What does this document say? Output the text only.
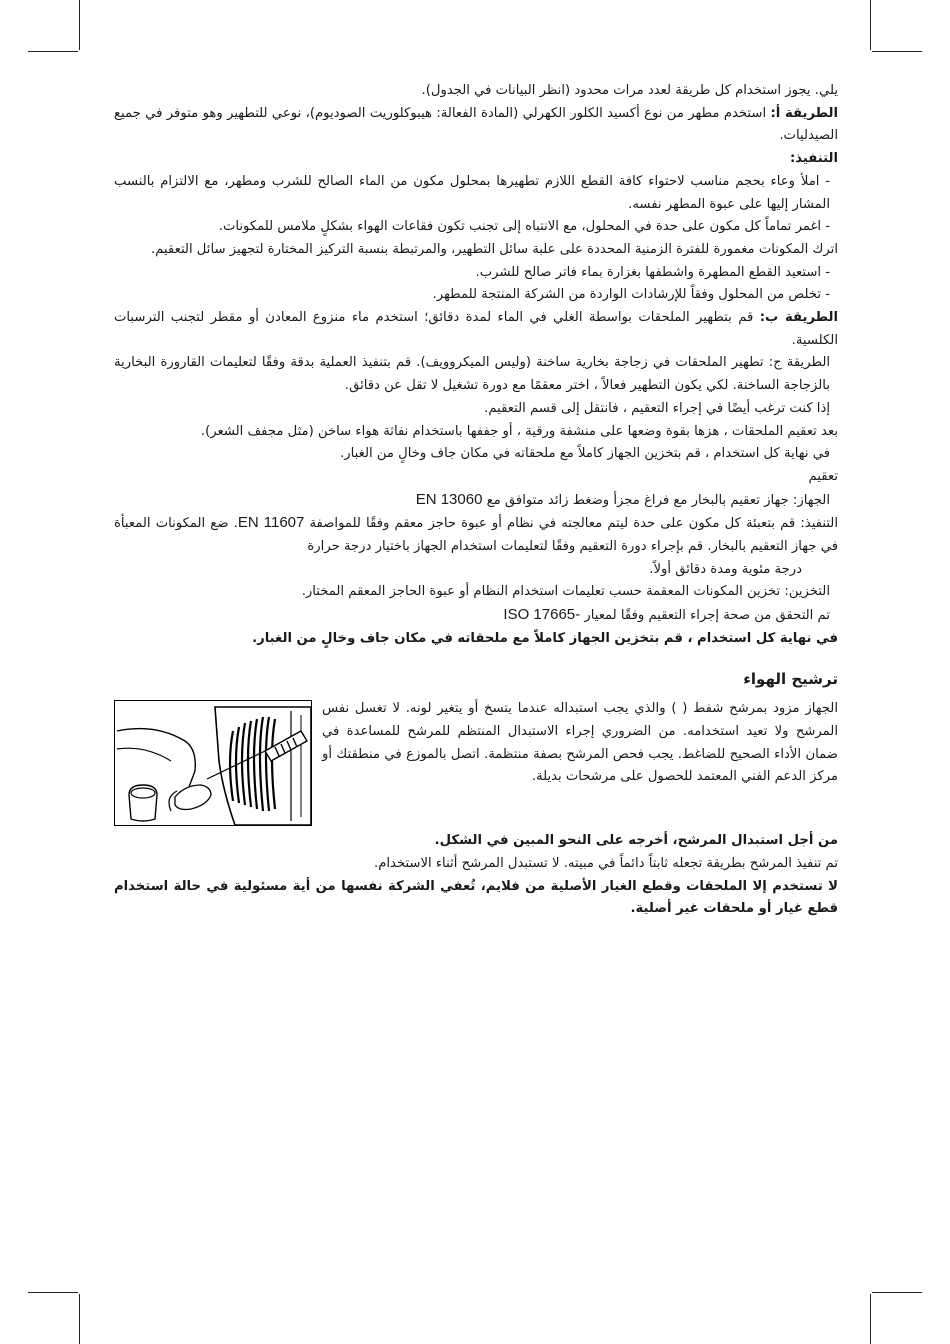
يلي. يجوز استخدام كل طريقة لعدد مرات محدود (انظر البيانات في الجدول).

الطريقة أ: استخدم مطهر من نوع أكسيد الكلور الكهرلي (المادة الفعالة: هيبوكلوريت الصوديوم)، نوعي للتطهير وهو متوفر في جميع الصيدليات.

التنفيذ:

- املأ وعاء بحجم مناسب لاحتواء كافة القطع اللازم تطهيرها بمحلول مكون من الماء الصالح للشرب ومطهر، مع الالتزام بالنسب المشار إليها على عبوة المطهر نفسه.

- اغمر تماماً كل مكون على حدة في المحلول، مع الانتباه إلى تجنب تكون فقاعات الهواء بشكلٍ ملامس للمكونات.

اترك المكونات مغمورة للفترة الزمنية المحددة على علبة سائل التطهير، والمرتبطة بنسبة التركيز المختارة لتجهيز سائل التعقيم.

- استعيد القطع المطهرة واشطفها بغزارة بماء فاتر صالح للشرب.

- تخلص من المحلول وفقاً للإرشادات الواردة من الشركة المنتجة للمطهر.

الطريقة ب: قم بتطهير الملحقات بواسطة الغلي في الماء لمدة دقائق؛ استخدم ماء منزوع المعادن أو مقطر لتجنب الترسبات الكلسية.

الطريقة ج: تطهير الملحقات في زجاجة بخارية ساخنة (وليس الميكروويف). قم بتنفيذ العملية بدقة وفقًا لتعليمات القارورة البخارية بالزجاجة الساخنة. لكي يكون التطهير فعالاً ، اختر معقمًا مع دورة تشغيل لا تقل عن دقائق.

إذا كنت ترغب أيضًا في إجراء التعقيم ، فانتقل إلى قسم التعقيم.

بعد تعقيم الملحقات ، هزها بقوة وضعها على منشفة ورقية ، أو جففها باستخدام نفاثة هواء ساخن (مثل مجفف الشعر).

في نهاية كل استخدام ، قم بتخزين الجهاز كاملاً مع ملحقاته في مكان جاف وخالٍ من الغبار.

تعقيم

الجهاز: جهاز تعقيم بالبخار مع فراغ مجزأ وضغط زائد متوافق مع EN 13060

التنفيذ: قم بتعبئة كل مكون على حدة ليتم معالجته في نظام أو عبوة حاجز معقم وفقًا للمواصفة EN 11607. ضع المكونات المعبأة في جهاز التعقيم بالبخار. قم بإجراء دورة التعقيم وفقًا لتعليمات استخدام الجهاز باختيار درجة حرارة

درجة مئوية ومدة دقائق أولاً.

التخزين: تخزين المكونات المعقمة حسب تعليمات استخدام النظام أو عبوة الحاجز المعقم المختار.

تم التحقق من صحة إجراء التعقيم وفقًا لمعيار ISO 17665-

في نهاية كل استخدام ، قم بتخزين الجهاز كاملاً مع ملحقاته في مكان جاف وخالٍ من الغبار.

ترشيح الهواء

الجهاز مزود بمرشح شفط ( ) والذي يجب استبداله عندما يتسخ أو يتغير لونه. لا تغسل نفس المرشح ولا تعيد استخدامه. من الضروري إجراء الاستبدال المنتظم للمرشح للمساعدة في ضمان الأداء الصحيح للضاغط. يجب فحص المرشح بصفة منتظمة. اتصل بالموزع في منطقتك أو مركز الدعم الفني المعتمد للحصول على مرشحات بديلة.

من أجل استبدال المرشح، أخرجه على النحو المبين في الشكل.

تم تنفيذ المرشح بطريقة تجعله ثابتاً دائماً في مبيته. لا تستبدل المرشح أثناء الاستخدام.

لا تستخدم إلا الملحقات وقطع الغيار الأصلية من فلايم، تُعفي الشركة نفسها من أية مسئولية في حالة استخدام قطع غيار أو ملحقات غير أصلية.
